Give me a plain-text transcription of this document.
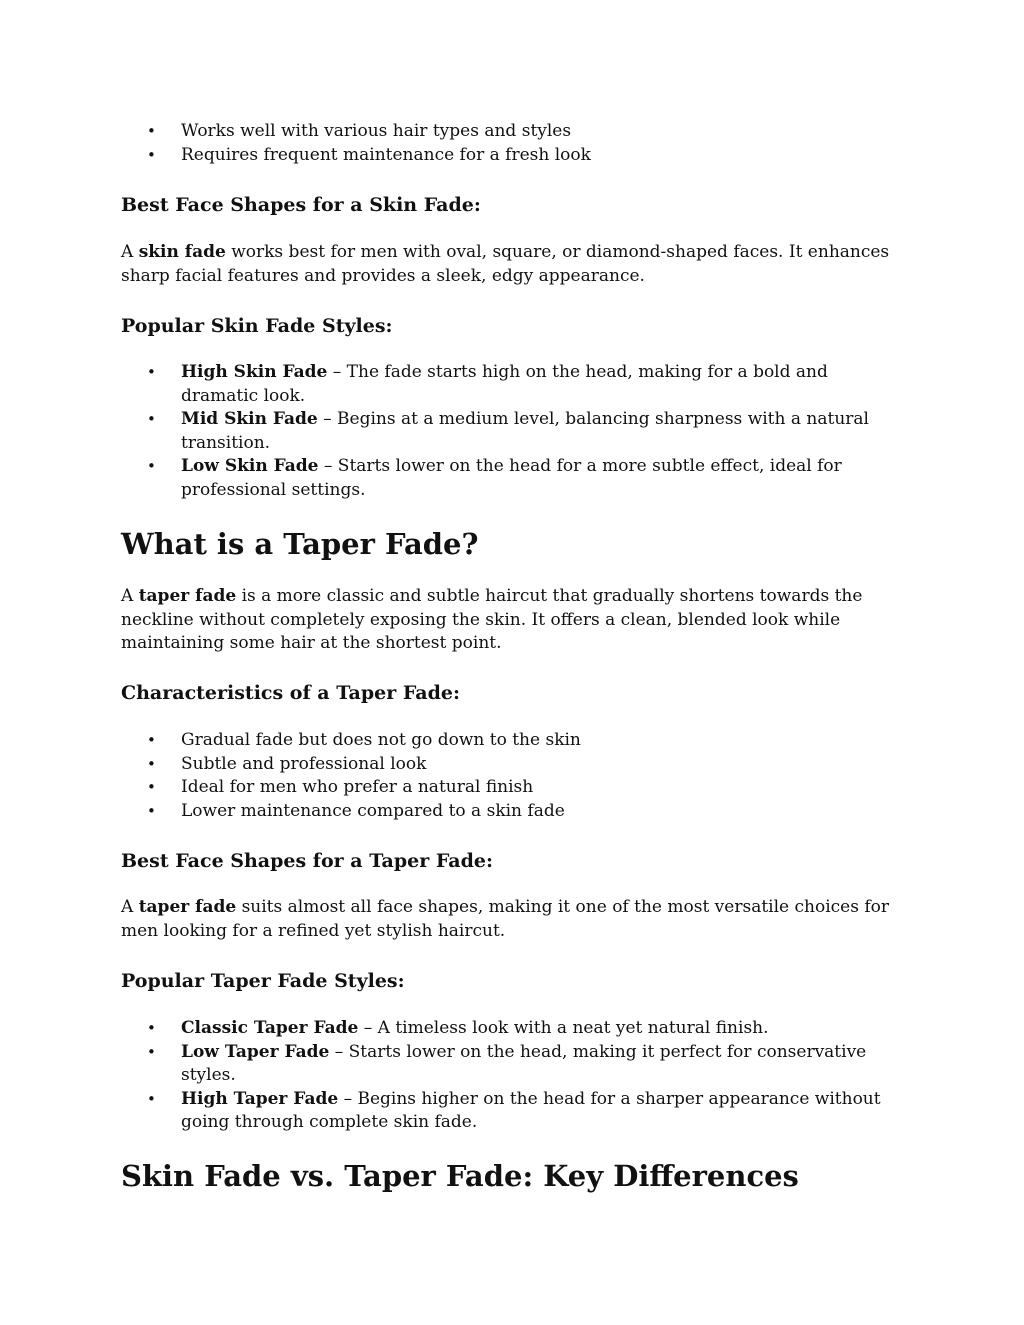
• Works well with various hair types and styles
• Requires frequent maintenance for a fresh look
Best Face Shapes for a Skin Fade:

A skin fade works best for men with oval, square, or diamond-shaped faces. It enhances sharp facial features and provides a sleek, edgy appearance.

Popular Skin Fade Styles:
• High Skin Fade – The fade starts high on the head, making for a bold and dramatic look.
• Mid Skin Fade – Begins at a medium level, balancing sharpness with a natural transition.
• Low Skin Fade – Starts lower on the head for a more subtle effect, ideal for professional settings.
What is a Taper Fade?

A taper fade is a more classic and subtle haircut that gradually shortens towards the neckline without completely exposing the skin. It offers a clean, blended look while maintaining some hair at the shortest point.

Characteristics of a Taper Fade:
• Gradual fade but does not go down to the skin
• Subtle and professional look
• Ideal for men who prefer a natural finish
• Lower maintenance compared to a skin fade
Best Face Shapes for a Taper Fade:

A taper fade suits almost all face shapes, making it one of the most versatile choices for men looking for a refined yet stylish haircut.

Popular Taper Fade Styles:
• Classic Taper Fade – A timeless look with a neat yet natural finish.
• Low Taper Fade – Starts lower on the head, making it perfect for conservative styles.
• High Taper Fade – Begins higher on the head for a sharper appearance without going through complete skin fade.
Skin Fade vs. Taper Fade: Key Differences
